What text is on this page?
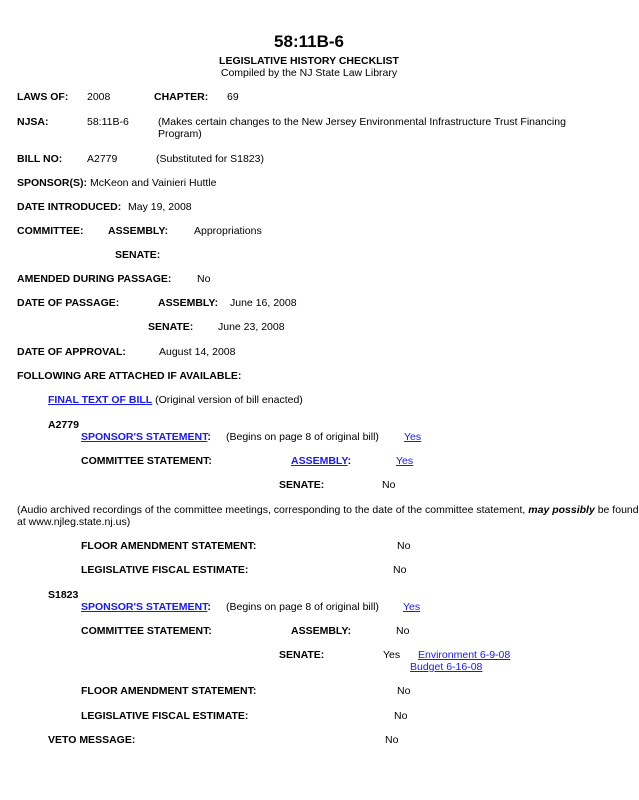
58:11B-6
LEGISLATIVE HISTORY CHECKLIST
Compiled by the NJ State Law Library
LAWS OF: 2008	CHAPTER: 69
NJSA:	58:11B-6	(Makes certain changes to the New Jersey Environmental Infrastructure Trust Financing
Program)
BILL NO: A2779	(Substituted for S1823)
SPONSOR(S): McKeon and Vainieri Huttle
DATE INTRODUCED: May 19, 2008
COMMITTEE: ASSEMBLY: Appropriations
SENATE:
AMENDED DURING PASSAGE: No
DATE OF PASSAGE:	ASSEMBLY: June 16, 2008
SENATE: June 23, 2008
DATE OF APPROVAL:	August 14, 2008
FOLLOWING ARE ATTACHED IF AVAILABLE:
FINAL TEXT OF BILL (Original version of bill enacted)
A2779
SPONSOR'S STATEMENT: (Begins on page 8 of original bill) Yes
COMMITTEE STATEMENT:	ASSEMBLY:	Yes
SENATE:	No
(Audio archived recordings of the committee meetings, corresponding to the date of the committee statement, may possibly be found
at www.njleg.state.nj.us)
FLOOR AMENDMENT STATEMENT:	No
LEGISLATIVE FISCAL ESTIMATE:	No
S1823
SPONSOR'S STATEMENT: (Begins on page 8 of original bill) Yes
COMMITTEE STATEMENT:	ASSEMBLY:	No
SENATE:	Yes Environment 6-9-08
Budget 6-16-08
FLOOR AMENDMENT STATEMENT:	No
LEGISLATIVE FISCAL ESTIMATE:	No
VETO MESSAGE:	No
